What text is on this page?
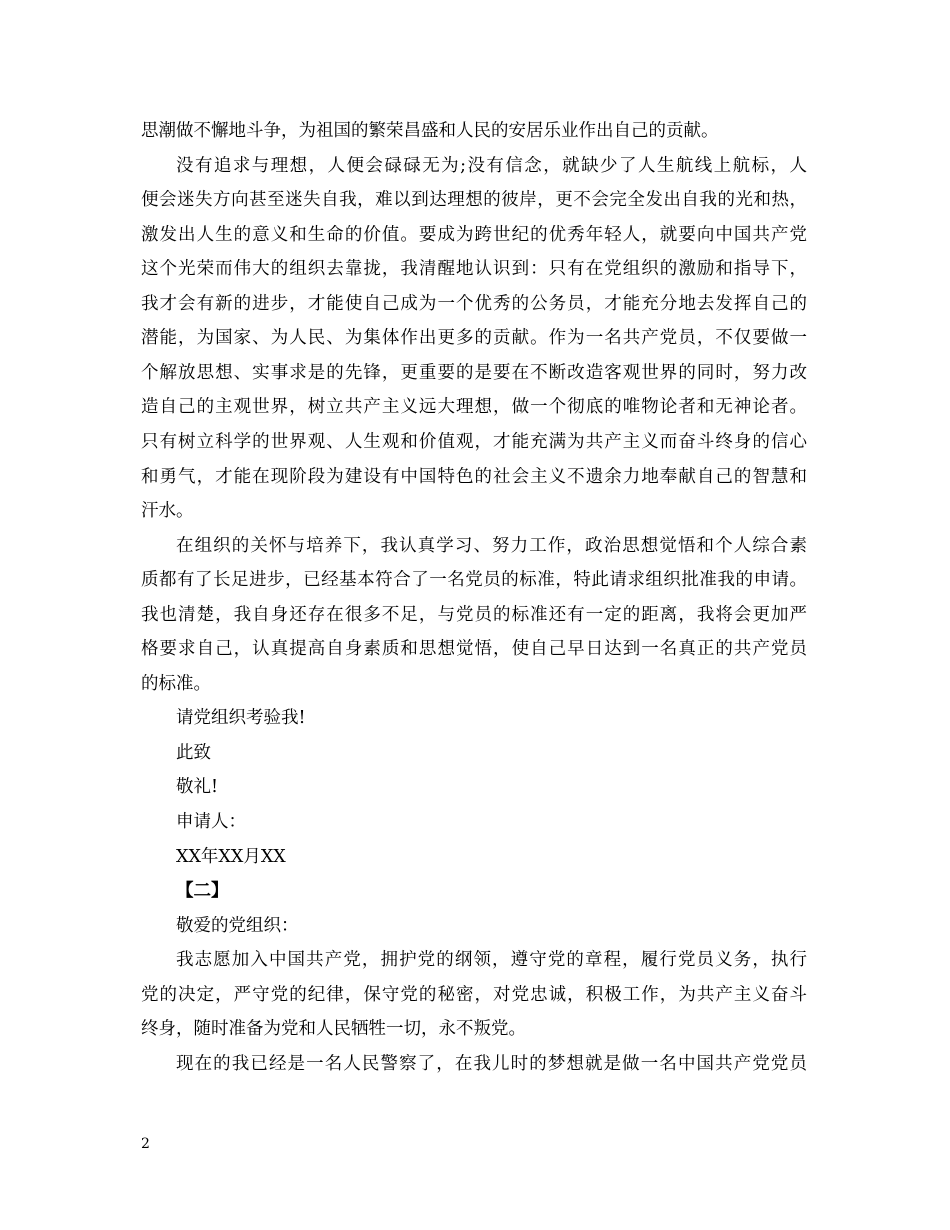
思潮做不懈地斗争，为祖国的繁荣昌盛和人民的安居乐业作出自己的贡献。
没有追求与理想，人便会碌碌无为;没有信念，就缺少了人生航线上航标，人
便会迷失方向甚至迷失自我，难以到达理想的彼岸，更不会完全发出自我的光和热，
激发出人生的意义和生命的价值。要成为跨世纪的优秀年轻人，就要向中国共产党
这个光荣而伟大的组织去靠拢，我清醒地认识到：只有在党组织的激励和指导下，
我才会有新的进步，才能使自己成为一个优秀的公务员，才能充分地去发挥自己的
潜能，为国家、为人民、为集体作出更多的贡献。作为一名共产党员，不仅要做一
个解放思想、实事求是的先锋，更重要的是要在不断改造客观世界的同时，努力改
造自己的主观世界，树立共产主义远大理想，做一个彻底的唯物论者和无神论者。
只有树立科学的世界观、人生观和价值观，才能充满为共产主义而奋斗终身的信心
和勇气，才能在现阶段为建设有中国特色的社会主义不遗余力地奉献自己的智慧和
汗水。
在组织的关怀与培养下，我认真学习、努力工作，政治思想觉悟和个人综合素
质都有了长足进步，已经基本符合了一名党员的标准，特此请求组织批准我的申请。
我也清楚，我自身还存在很多不足，与党员的标准还有一定的距离，我将会更加严
格要求自己，认真提高自身素质和思想觉悟，使自己早日达到一名真正的共产党员
的标准。
请党组织考验我!
此致
敬礼!
申请人：
XX年XX月XX
【二】
敬爱的党组织：
我志愿加入中国共产党，拥护党的纲领，遵守党的章程，履行党员义务，执行
党的决定，严守党的纪律，保守党的秘密，对党忠诚，积极工作，为共产主义奋斗
终身，随时准备为党和人民牺牲一切，永不叛党。
现在的我已经是一名人民警察了，在我儿时的梦想就是做一名中国共产党党员
2
